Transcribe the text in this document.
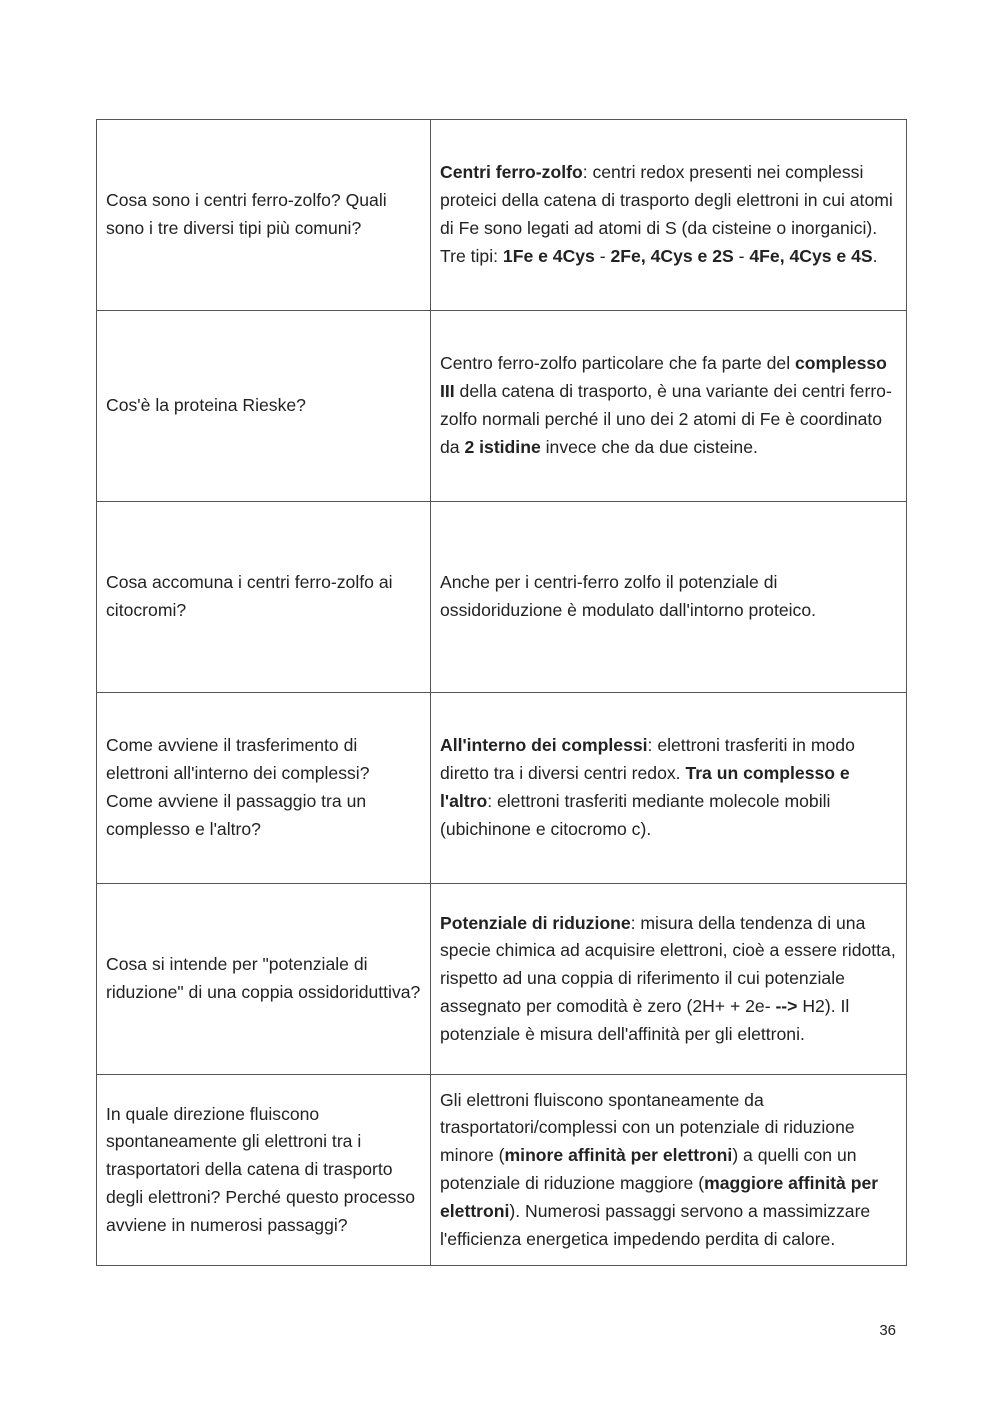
Cosa sono i centri ferro-zolfo? Quali sono i tre diversi tipi più comuni?	Centri ferro-zolfo: centri redox presenti nei complessi proteici della catena di trasporto degli elettroni in cui atomi di Fe sono legati ad atomi di S (da cisteine o inorganici). Tre tipi: 1Fe e 4Cys - 2Fe, 4Cys e 2S - 4Fe, 4Cys e 4S.
Cos'è la proteina Rieske?	Centro ferro-zolfo particolare che fa parte del complesso III della catena di trasporto, è una variante dei centri ferro-zolfo normali perché il uno dei 2 atomi di Fe è coordinato da 2 istidine invece che da due cisteine.
Cosa accomuna i centri ferro-zolfo ai citocromi?	Anche per i centri-ferro zolfo il potenziale di ossidoriduzione è modulato dall'intorno proteico.
Come avviene il trasferimento di elettroni all'interno dei complessi? Come avviene il passaggio tra un complesso e l'altro?	All'interno dei complessi: elettroni trasferiti in modo diretto tra i diversi centri redox. Tra un complesso e l'altro: elettroni trasferiti mediante molecole mobili (ubichinone e citocromo c).
Cosa si intende per "potenziale di riduzione" di una coppia ossidoriduttiva?	Potenziale di riduzione: misura della tendenza di una specie chimica ad acquisire elettroni, cioè a essere ridotta, rispetto ad una coppia di riferimento il cui potenziale assegnato per comodità è zero (2H+ + 2e- --> H2). Il potenziale è misura dell'affinità per gli elettroni.
In quale direzione fluiscono spontaneamente gli elettroni tra i trasportatori della catena di trasporto degli elettroni? Perché questo processo avviene in numerosi passaggi?	Gli elettroni fluiscono spontaneamente da trasportatori/complessi con un potenziale di riduzione minore (minore affinità per elettroni) a quelli con un potenziale di riduzione maggiore (maggiore affinità per elettroni). Numerosi passaggi servono a massimizzare l'efficienza energetica impedendo perdita di calore.
36
